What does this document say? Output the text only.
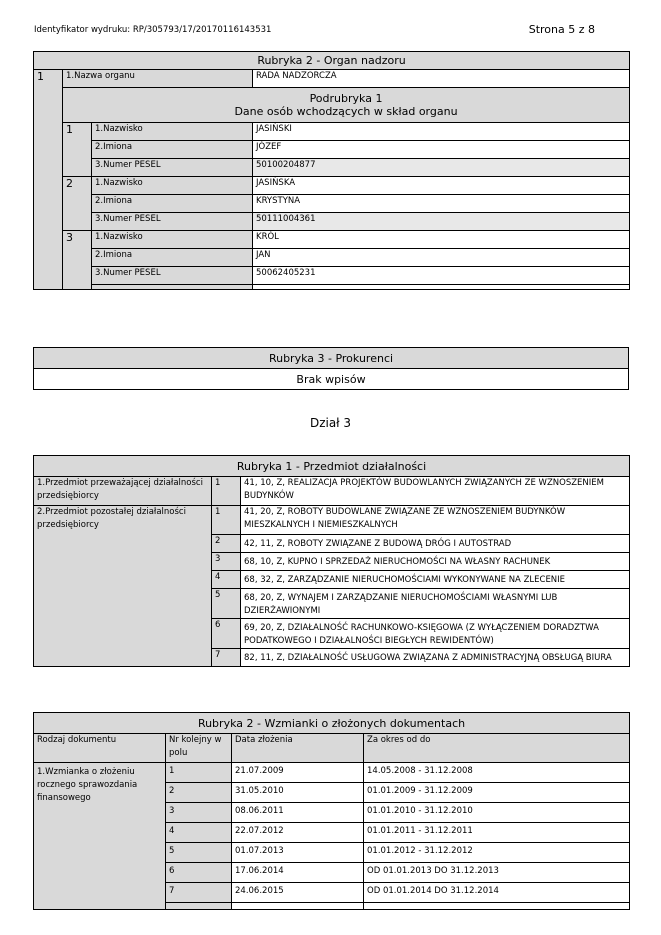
Identyfikator wydruku: RP/305793/17/20170116143531	Strona 5 z 8
Rubryka 2 - Organ nadzoru			
1	1.Nazwa organu		RADA NADZORCZA

	Podrubryka 1
Dane osób wchodzących w skład organu		

	1	1.Nazwisko	JASIŃSKI
		2.Imiona	JÓZEF
		3.Numer PESEL	50100204877
	2	1.Nazwisko	JASIŃSKA
		2.Imiona	KRYSTYNA
		3.Numer PESEL	50111004361
	3	1.Nazwisko	KRÓL
		2.Imiona	JAN
		3.Numer PESEL	50062405231

Rubryka 3 - Prokurenci
Brak wpisów
Dział 3
Rubryka 1 - Przedmiot działalności		
1.Przedmiot przeważającej działalności przedsiębiorcy	1	41, 10, Z, REALIZACJA PROJEKTÓW BUDOWLANYCH ZWIĄZANYCH ZE WZNOSZENIEM BUDYNKÓW
2.Przedmiot pozostałej działalności przedsiębiorcy	1	41, 20, Z, ROBOTY BUDOWLANE ZWIĄZANE ZE WZNOSZENIEM BUDYNKÓW MIESZKALNYCH I NIEMIESZKALNYCH
	2	42, 11, Z, ROBOTY ZWIĄZANE Z BUDOWĄ DRÓG I AUTOSTRAD
	3	68, 10, Z, KUPNO I SPRZEDAŻ NIERUCHOMOŚCI NA WŁASNY RACHUNEK
	4	68, 32, Z, ZARZĄDZANIE NIERUCHOMOŚCIAMI WYKONYWANE NA ZLECENIE
	5	68, 20, Z, WYNAJEM I ZARZĄDZANIE NIERUCHOMOŚCIAMI WŁASNYMI LUB DZIERŻAWIONYMI
	6	69, 20, Z, DZIAŁALNOŚĆ RACHUNKOWO-KSIĘGOWA (Z WYŁĄCZENIEM DORADZTWA PODATKOWEGO I DZIAŁALNOŚCI BIEGŁYCH REWIDENTÓW)
	7	82, 11, Z, DZIAŁALNOŚĆ USŁUGOWA ZWIĄZANA Z ADMINISTRACYJNĄ OBSŁUGĄ BIURA
Rubryka 2 - Wzmianki o złożonych dokumentach			
Rodzaj dokumentu	Nr kolejny w polu	Data złożenia	Za okres od do
1.Wzmianka o złożeniu rocznego sprawozdania finansowego	1	21.07.2009	14.05.2008 - 31.12.2008
	2	31.05.2010	01.01.2009 - 31.12.2009
	3	08.06.2011	01.01.2010 - 31.12.2010
	4	22.07.2012	01.01.2011 - 31.12.2011
	5	01.07.2013	01.01.2012 - 31.12.2012
	6	17.06.2014	OD 01.01.2013 DO 31.12.2013
	7	24.06.2015	OD 01.01.2014 DO 31.12.2014
